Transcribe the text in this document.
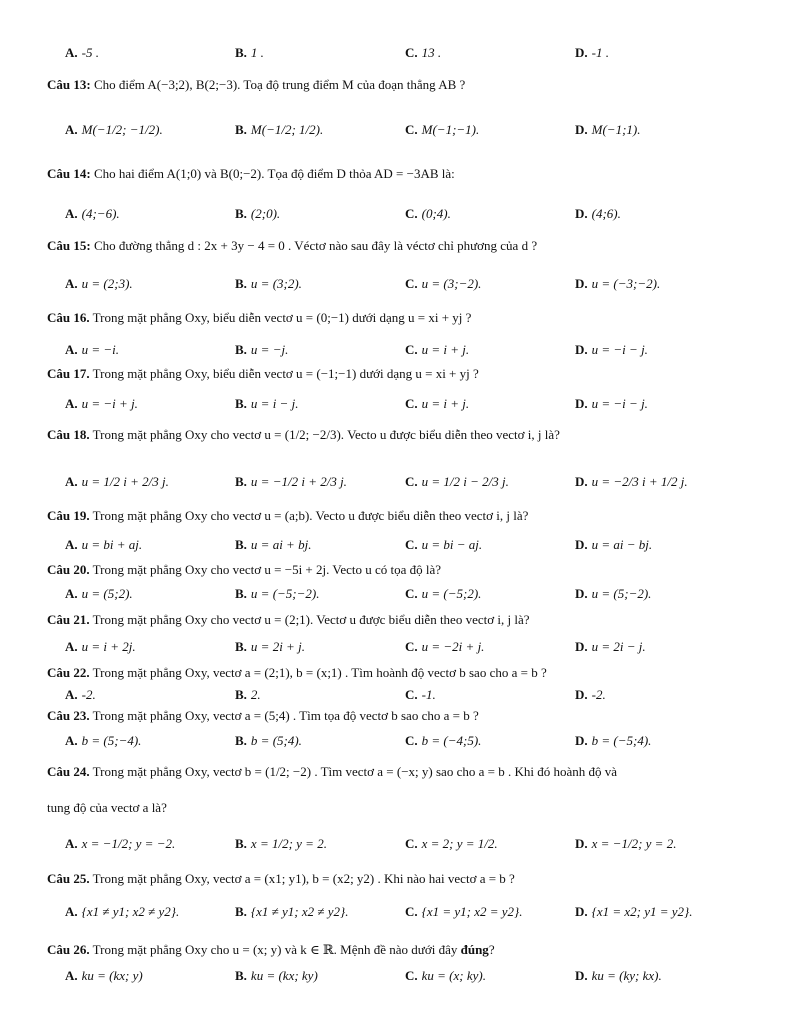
A. -5 .	B. 1 .	C. 13 .	D. -1 .
Câu 13: Cho điểm A(−3;2), B(2;−3). Toạ độ trung điểm M của đoạn thẳng AB ?
A. M(−1/2; −1/2).	B. M(−1/2; 1/2).	C. M(−1;−1).	D. M(−1;1).
Câu 14: Cho hai điểm A(1;0) và B(0;−2). Tọa độ điểm D thỏa AD = −3AB là:
A. (4;−6).	B. (2;0).	C. (0;4).	D. (4;6).
Câu 15: Cho đường thẳng d : 2x + 3y − 4 = 0 . Véctơ nào sau đây là véctơ chỉ phương của d ?
A. u = (2;3).	B. u = (3;2).	C. u = (3;−2).	D. u = (−3;−2).
Câu 16. Trong mặt phẳng Oxy, biểu diễn vectơ u = (0;−1) dưới dạng u = xi + yj ?
A. u = −i.	B. u = −j.	C. u = i + j.	D. u = −i − j.
Câu 17. Trong mặt phẳng Oxy, biểu diễn vectơ u = (−1;−1) dưới dạng u = xi + yj ?
A. u = −i + j.	B. u = i − j.	C. u = i + j.	D. u = −i − j.
Câu 18. Trong mặt phẳng Oxy cho vectơ u = (1/2; −2/3). Vecto u được biểu diễn theo vectơ i, j là?
A. u = 1/2 i + 2/3 j.	B. u = −1/2 i + 2/3 j.	C. u = 1/2 i − 2/3 j.	D. u = −2/3 i + 1/2 j.
Câu 19. Trong mặt phẳng Oxy cho vectơ u = (a;b). Vecto u được biểu diễn theo vectơ i, j là?
A. u = bi + aj.	B. u = ai + bj.	C. u = bi − aj.	D. u = ai − bj.
Câu 20. Trong mặt phẳng Oxy cho vectơ u = −5i + 2j. Vecto u có tọa độ là?
A. u = (5;2).	B. u = (−5;−2).	C. u = (−5;2).	D. u = (5;−2).
Câu 21. Trong mặt phẳng Oxy cho vectơ u = (2;1). Vectơ u được biểu diễn theo vectơ i, j là?
A. u = i + 2j.	B. u = 2i + j.	C. u = −2i + j.	D. u = 2i − j.
Câu 22. Trong mặt phẳng Oxy, vectơ a = (2;1), b = (x;1) . Tìm hoành độ vectơ b sao cho a = b ?
A. -2.	B. 2.	C. -1.	D. -2.
Câu 23. Trong mặt phẳng Oxy, vectơ a = (5;4) . Tìm tọa độ vectơ b sao cho a = b ?
A. b = (5;−4).	B. b = (5;4).	C. b = (−4;5).	D. b = (−5;4).
Câu 24. Trong mặt phẳng Oxy, vectơ b = (1/2; −2) . Tìm vectơ a = (−x; y) sao cho a = b . Khi đó hoành độ và
tung độ của vectơ a là?
A. x = −1/2; y = −2.	B. x = 1/2; y = 2.	C. x = 2; y = 1/2.	D. x = −1/2; y = 2.
Câu 25. Trong mặt phẳng Oxy, vectơ a = (x1; y1), b = (x2; y2) . Khi nào hai vectơ a = b ?
A. {x1 ≠ y1; x2 ≠ y2}.	B. {x1 ≠ y1; x2 ≠ y2}.	C. {x1 = y1; x2 = y2}.	D. {x1 = x2; y1 = y2}.
Câu 26. Trong mặt phẳng Oxy cho u = (x; y) và k ∈ ℝ. Mệnh đề nào dưới đây đúng?
A. ku = (kx; y)	B. ku = (kx; ky)	C. ku = (x; ky).	D. ku = (ky; kx).
